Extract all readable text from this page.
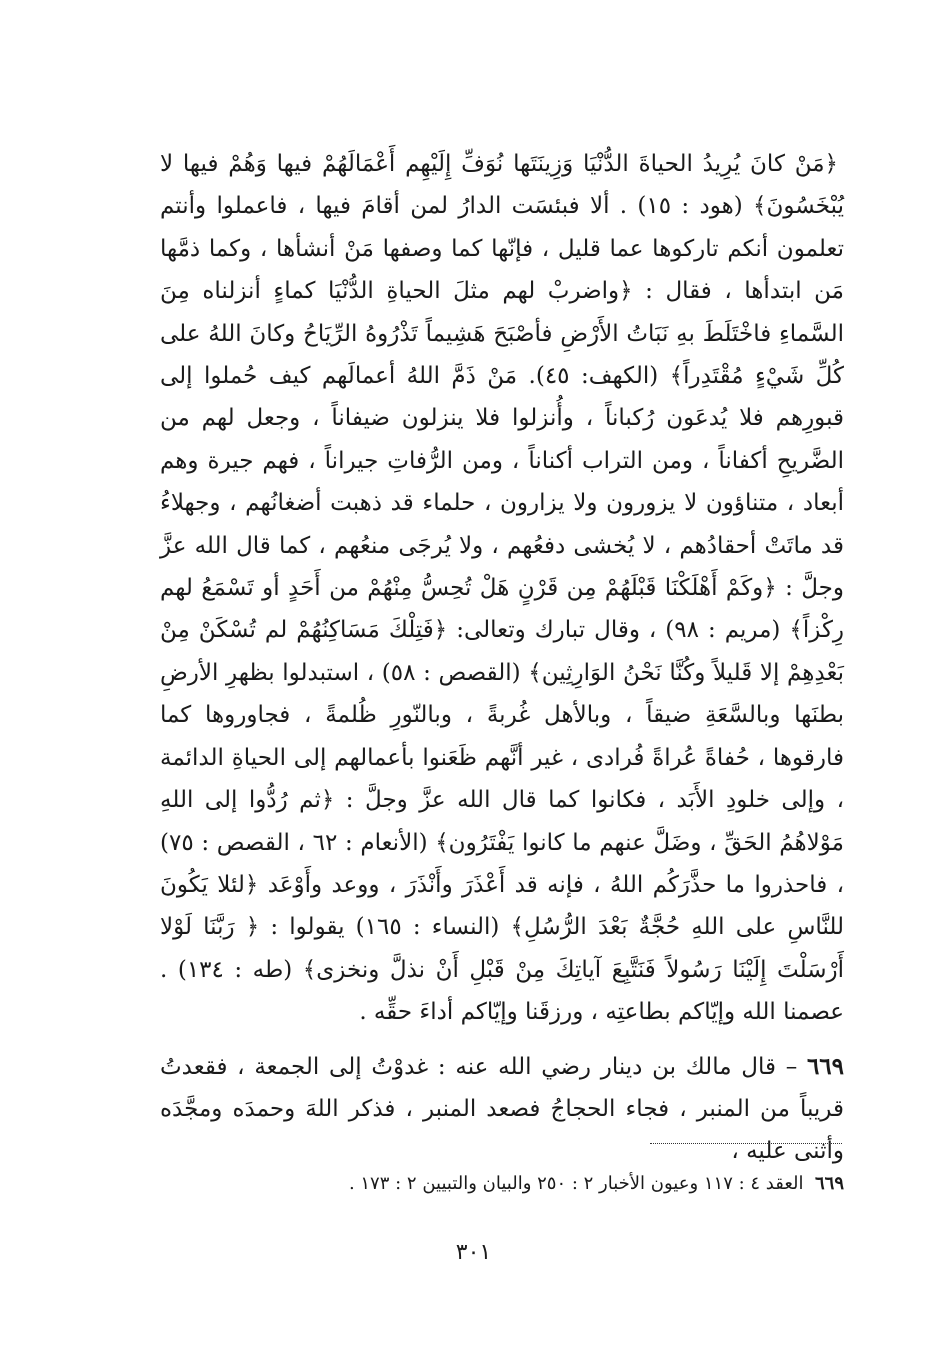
﴿مَنْ كانَ يُرِيدُ الحياةَ الدُّنْيَا وَزِينَتَها نُوَفِّ إِلَيْهِم أَعْمَالَهُمْ فيها وَهُمْ فيها لا يُبْخَسُونَ﴾ (هود : ١٥) . ألا فبئسَت الدارُ لمن أقامَ فيها ، فاعملوا وأنتم تعلمون أنكم تاركوها عما قليل ، فإنّها كما وصفها مَنْ أنشأها ، وكما ذمَّها مَن ابتدأها ، فقال : ﴿واضربْ لهم مثلَ الحياةِ الدُّنْيَا كماءٍ أنزلناه مِنَ السَّماءِ فاخْتَلَطَ بهِ نَبَاتُ الأَرْضِ فأصْبَحَ هَشِيماً تَذْرُوهُ الرِّيَاحُ وكانَ اللهُ على كُلِّ شَيْءٍ مُقْتَدِراً﴾ (الكهف: ٤٥). مَنْ ذَمَّ اللهُ أعمالَهم كيف حُملوا إلى قبورِهم فلا يُدعَون رُكباناً ، وأُنزلوا فلا ينزلون ضيفاناً ، وجعل لهم من الضَّريحِ أكفاناً ، ومن التراب أكناناً ، ومن الرُّفاتِ جيراناً ، فهم جيرة وهم أبعاد ، متناؤون لا يزورون ولا يزارون ، حلماء قد ذهبت أضغانُهم ، وجهلاءُ قد ماتَتْ أحقادُهم ، لا يُخشى دفعُهم ، ولا يُرجَى منعُهم ، كما قال الله عزَّ وجلَّ : ﴿وكَمْ أَهْلَكْنَا قَبْلَهُمْ مِن قَرْنٍ هَلْ تُحِسُّ مِنْهُمْ من أَحَدٍ أو تَسْمَعُ لهم رِكْزاً﴾ (مريم : ٩٨) ، وقال تبارك وتعالى: ﴿فَتِلْكَ مَسَاكِنُهُمْ لم تُسْكَنْ مِنْ بَعْدِهِمْ إلا قَليلاً وكُنَّا نَحْنُ الوَارِثِين﴾ (القصص : ٥٨) ، استبدلوا بظهرِ الأرضِ بطنَها وبالسَّعَةِ ضيقاً ، وبالأهل غُربةً ، وبالنّورِ ظُلمةً ، فجاوروها كما فارقوها ، حُفاةً عُراةً فُرادى ، غير أنَّهم ظَعَنوا بأعمالهم إلى الحياةِ الدائمة ، وإلى خلودِ الأَبَد ، فكانوا كما قال الله عزَّ وجلَّ : ﴿ثم رُدُّوا إلى اللهِ مَوْلاهُمُ الحَقِّ ، وضَلَّ عنهم ما كانوا يَفْتَرُون﴾ (الأنعام : ٦٢ ، القصص : ٧٥) ، فاحذروا ما حذَّرَكُم اللهُ ، فإنه قد أَعْذَرَ وأَنْذَرَ ، ووعد وأَوْعَد ﴿لئلا يَكُونَ للنَّاسِ على اللهِ حُجَّةٌ بَعْدَ الرُّسُلِ﴾ (النساء : ١٦٥) يقولوا : ﴿ رَبَّنَا لَوْلا أَرْسَلْتَ إِلَيْنَا رَسُولاً فَنَتَّبِعَ آياتِكَ مِنْ قَبْلِ أَنْ نذلَّ ونخزى﴾ (طه : ١٣٤) . عصمنا الله وإيّاكم بطاعتِه ، ورزقَنا وإيّاكم أداءَ حقِّه .

٦٦٩ – قال مالك بن دينار رضي الله عنه : غدوْتُ إلى الجمعة ، فقعدتُ قريباً من المنبر ، فجاء الحجاجُ فصعد المنبر ، فذكر اللهَ وحمدَه ومجَّدَه وأثنى عليه ،

٦٦٩  العقد ٤ : ١١٧ وعيون الأخبار ٢ : ٢٥٠ والبيان والتبيين ٢ : ١٧٣ .
٣٠١
